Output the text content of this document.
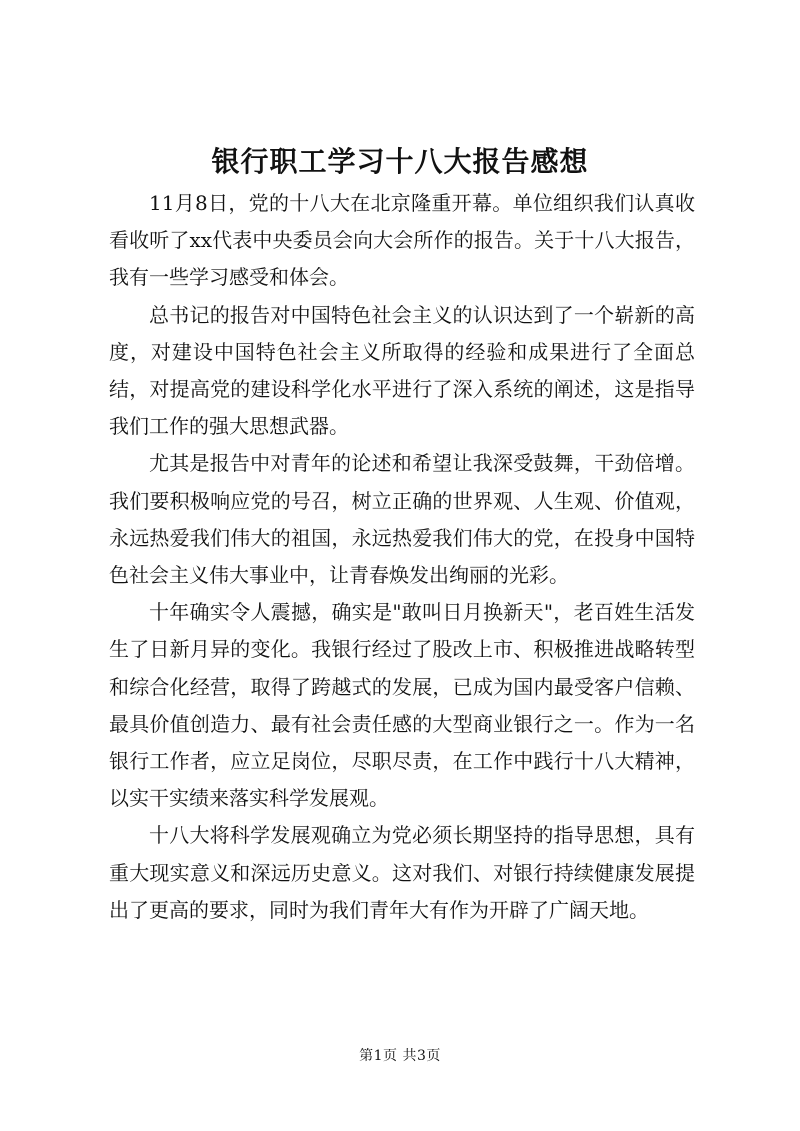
银行职工学习十八大报告感想

11月8日，党的十八大在北京隆重开幕。单位组织我们认真收看收听了xx代表中央委员会向大会所作的报告。关于十八大报告，我有一些学习感受和体会。

总书记的报告对中国特色社会主义的认识达到了一个崭新的高度，对建设中国特色社会主义所取得的经验和成果进行了全面总结，对提高党的建设科学化水平进行了深入系统的阐述，这是指导我们工作的强大思想武器。

尤其是报告中对青年的论述和希望让我深受鼓舞，干劲倍增。我们要积极响应党的号召，树立正确的世界观、人生观、价值观，永远热爱我们伟大的祖国，永远热爱我们伟大的党，在投身中国特色社会主义伟大事业中，让青春焕发出绚丽的光彩。

十年确实令人震撼，确实是"敢叫日月换新天"，老百姓生活发生了日新月异的变化。我银行经过了股改上市、积极推进战略转型和综合化经营，取得了跨越式的发展，已成为国内最受客户信赖、最具价值创造力、最有社会责任感的大型商业银行之一。作为一名银行工作者，应立足岗位，尽职尽责，在工作中践行十八大精神，以实干实绩来落实科学发展观。

十八大将科学发展观确立为党必须长期坚持的指导思想，具有重大现实意义和深远历史意义。这对我们、对银行持续健康发展提出了更高的要求，同时为我们青年大有作为开辟了广阔天地。

第1页 共3页
